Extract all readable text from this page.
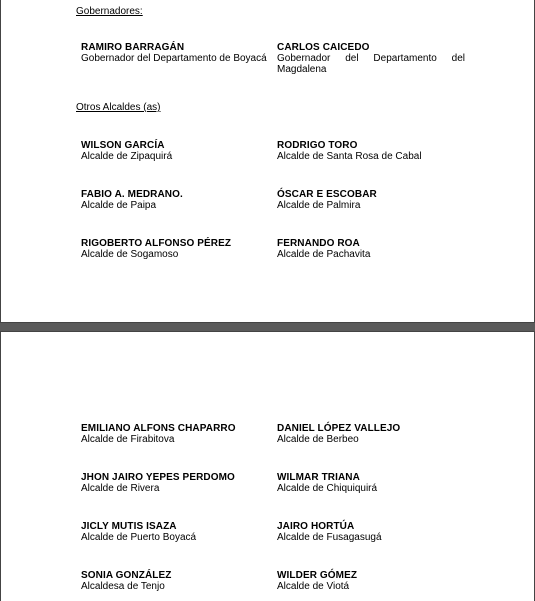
Gobernadores:
RAMIRO BARRAGÁN
Gobernador del Departamento de Boyacá
CARLOS CAICEDO
Gobernador del Departamento del Magdalena
Otros Alcaldes (as)
WILSON GARCÍA
Alcalde de Zipaquirá
RODRIGO TORO
Alcalde de Santa Rosa de Cabal
FABIO A. MEDRANO.
Alcalde de Paipa
ÓSCAR E ESCOBAR
Alcalde de Palmira
RIGOBERTO ALFONSO PÉREZ
Alcalde de Sogamoso
FERNANDO ROA
Alcalde de Pachavita
EMILIANO ALFONS CHAPARRO
Alcalde de Firabitova
DANIEL LÓPEZ VALLEJO
Alcalde de Berbeo
JHON JAIRO YEPES PERDOMO
Alcalde de Rivera
WILMAR TRIANA
Alcalde de Chiquiquirá
JICLY MUTIS ISAZA
Alcalde de Puerto Boyacá
JAIRO HORTÚA
Alcalde de Fusagasugá
SONIA GONZÁLEZ
Alcaldesa de Tenjo
WILDER GÓMEZ
Alcalde de Viotá
